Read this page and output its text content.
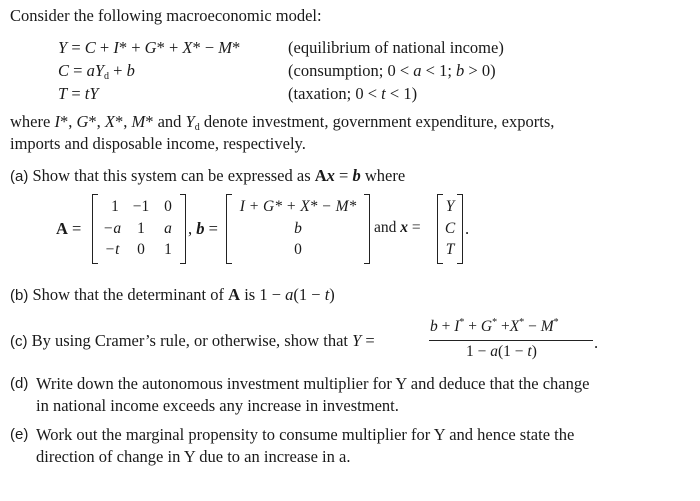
Consider the following macroeconomic model:
Y = C + I* + G* + X* − M*	(equilibrium of national income)
$C = aY_d + b$	(consumption; 0 < a < 1; b > 0)
T = tY	(taxation; 0 < t < 1)
where I*, G*, X*, M* and $Y_d$ denote investment, government expenditure, exports,
imports and disposable income, respectively.
(a) Show that this system can be expressed as Ax = b where
A =
1 −1 0
−a	1	a
−t	0	1
, b =
I + G* + X* − M*
b
0
and x =
Y
C
T
.
(b) Show that the determinant of A is 1 − a(1 − t)
(c) By using Cramer’s rule, or otherwise, show that Y =
b + I* + G* +X* − M*
1 − a(1 − t)	.
(d) Write down the autonomous investment multiplier for Y and deduce that the change
in national income exceeds any increase in investment.
(e) Work out the marginal propensity to consume multiplier for Y and hence state the
direction of change in Y due to an increase in a.
